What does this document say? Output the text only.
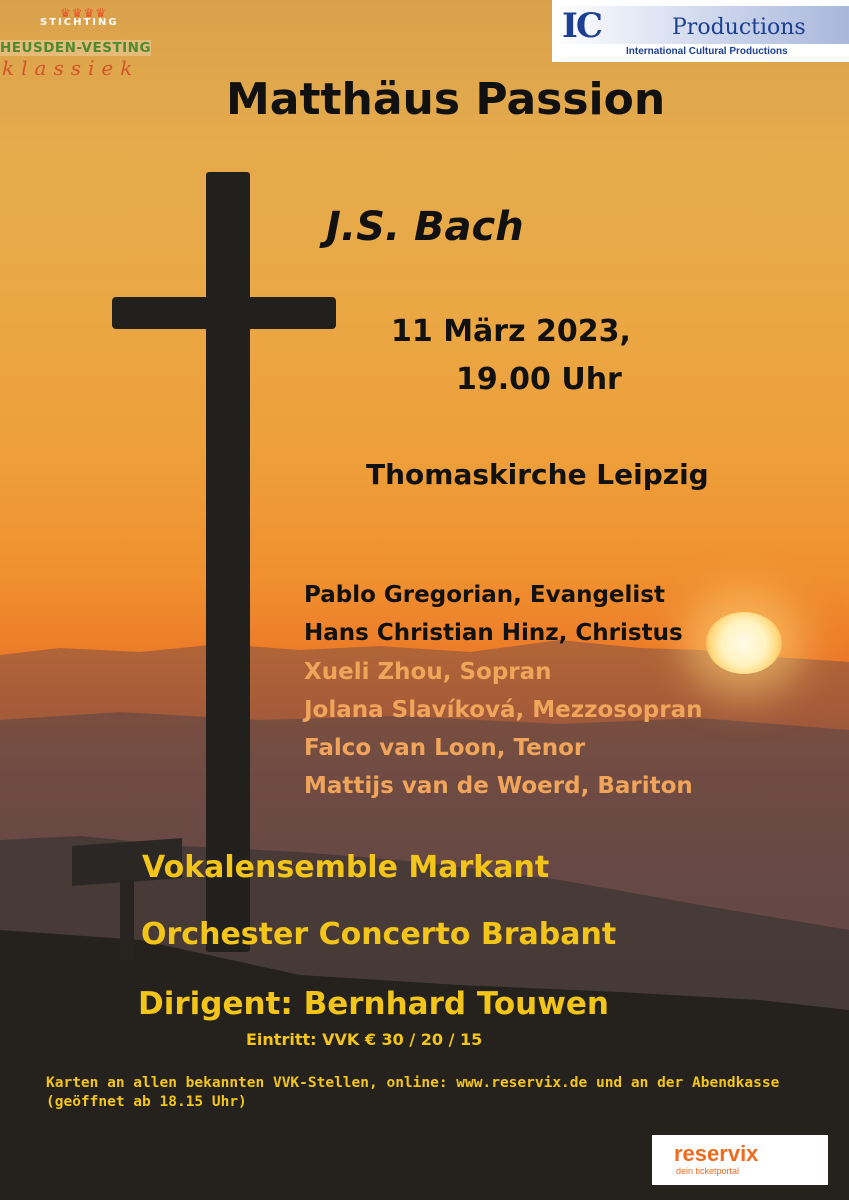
♛♛♛♛
STICHTING
HEUSDEN-VESTING
klassiek
IC	Productions
International Cultural Productions
Matthäus Passion
J.S. Bach
11 März 2023,
19.00 Uhr
Thomaskirche Leipzig
Pablo Gregorian, Evangelist
Hans Christian Hinz, Christus
Xueli Zhou, Sopran
Jolana Slavíková, Mezzosopran
Falco van Loon, Tenor
Mattijs van de Woerd, Bariton
Vokalensemble Markant
Orchester Concerto Brabant
Dirigent: Bernhard Touwen
Eintritt: VVK € 30 / 20 / 15
Karten an allen bekannten VVK-Stellen, online: www.reservix.de und an der Abendkasse (geöffnet ab 18.15 Uhr)
reservix
dein ticketportal
